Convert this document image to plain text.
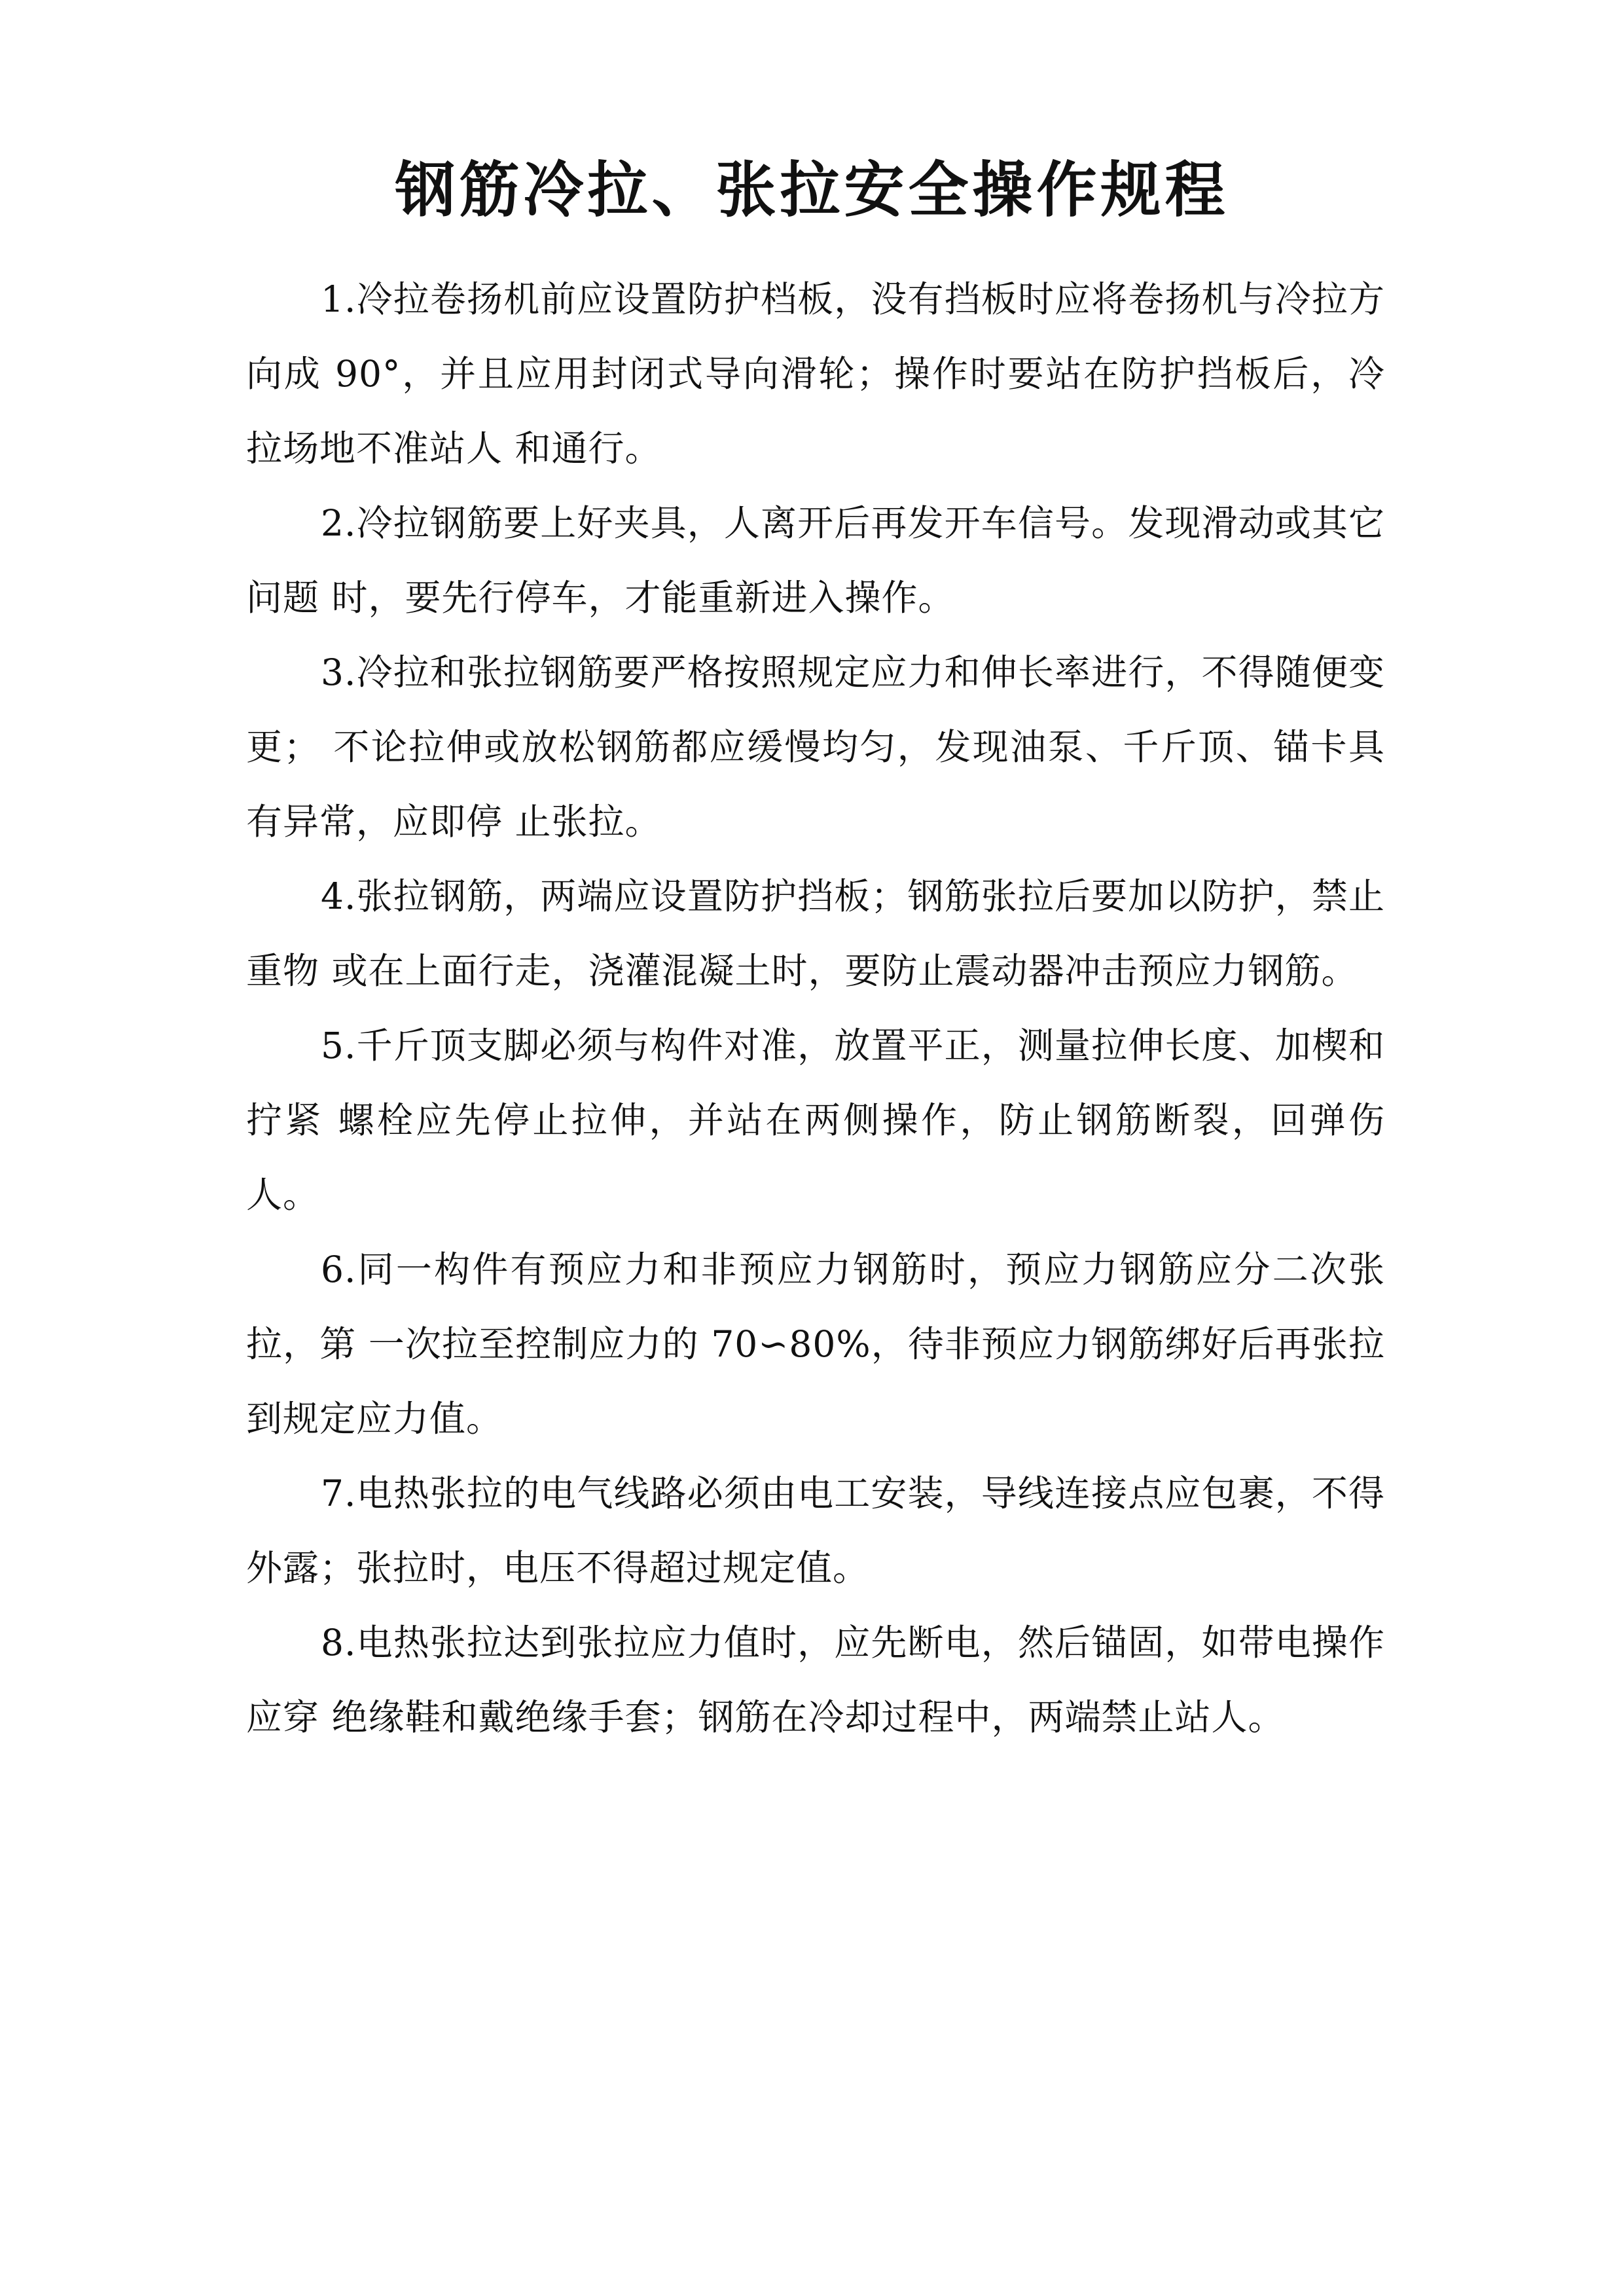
钢筋冷拉、张拉安全操作规程

1.冷拉卷扬机前应设置防护档板，没有挡板时应将卷扬机与冷拉方向成 90°，并且应用封闭式导向滑轮；操作时要站在防护挡板后，冷拉场地不准站人 和通行。

2.冷拉钢筋要上好夹具，人离开后再发开车信号。发现滑动或其它问题 时，要先行停车，才能重新进入操作。

3.冷拉和张拉钢筋要严格按照规定应力和伸长率进行，不得随便变更； 不论拉伸或放松钢筋都应缓慢均匀，发现油泵、千斤顶、锚卡具有异常，应即停 止张拉。

4.张拉钢筋，两端应设置防护挡板；钢筋张拉后要加以防护，禁止重物 或在上面行走，浇灌混凝土时，要防止震动器冲击预应力钢筋。

5.千斤顶支脚必须与构件对准，放置平正，测量拉伸长度、加楔和拧紧 螺栓应先停止拉伸，并站在两侧操作，防止钢筋断裂，回弹伤人。

6.同一构件有预应力和非预应力钢筋时，预应力钢筋应分二次张拉，第 一次拉至控制应力的 70∽80%，待非预应力钢筋绑好后再张拉到规定应力值。

7.电热张拉的电气线路必须由电工安装，导线连接点应包裹，不得外露；张拉时，电压不得超过规定值。

8.电热张拉达到张拉应力值时，应先断电，然后锚固，如带电操作应穿 绝缘鞋和戴绝缘手套；钢筋在冷却过程中，两端禁止站人。
